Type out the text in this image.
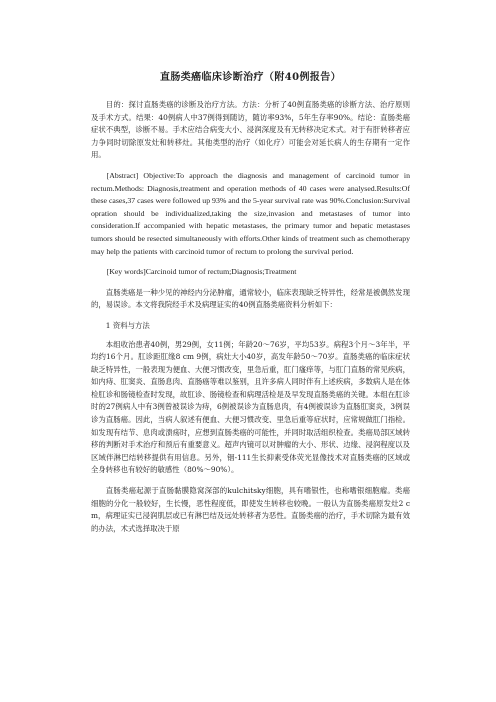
直肠类癌临床诊断治疗（附40例报告）

目的：探讨直肠类癌的诊断及治疗方法。方法：分析了40例直肠类癌的诊断方法、治疗原则及手术方式。结果：40例病人中37例得到随访，随访率93%，5年生存率90%。结论：直肠类癌症状不典型，诊断不易。手术应结合病变大小、浸润深度及有无转移决定术式。对于有肝转移者应力争同时切除原发灶和转移灶。其他类型的治疗（如化疗）可能会对延长病人的生存期有一定作用。

[Abstract] Objective:To approach the diagnosis and management of carcinoid tumor in rectum.Methods: Diagnosis,treatment and operation methods of 40 cases were analysed.Results:Of these cases,37 cases were followed up 93% and the 5-year survival rate was 90%.Conclusion:Survival opration should be individualized,taking the size,invasion and metastases of tumor into consideration.If accompanied with hepatic metastases, the primary tumor and hepatic metastases tumors should be resected simultaneously with efforts.Other kinds of treatment such as chemotherapy may help the patients with carcinoid tumor of rectum to prolong the survival period.

[Key words]Carcinoid tumor of rectum;Diagnosis;Treatment

直肠类癌是一种少见的神经内分泌肿瘤，通常较小，临床表现缺乏特异性，经常是被偶然发现的，易误诊。本文将我院经手术及病理证实的40例直肠类癌资料分析如下：

1 资料与方法

本组收治患者40例，男29例，女11例；年龄20～76岁，平均53岁。病程3个月～3年半，平均约16个月。肛诊距肛缘8 cm 9例，病灶大小40岁，高发年龄50～70岁。直肠类癌的临床症状缺乏特异性，一般表现为便血、大便习惯改变，里急后重，肛门瘙痒等，与肛门直肠的常见疾病，如内痔、肛窦炎、直肠息肉、直肠癌等难以鉴别，且许多病人同时伴有上述疾病，多数病人是在体检肛诊和肠镜检查时发现，故肛诊、肠镜检查和病理活检是及早发现直肠类癌的关键。本组在肛诊时的27例病人中有3例曾被误诊为痔，6例被误诊为直肠息肉，有4例被误诊为直肠肛窦炎，3例误诊为直肠癌。因此，当病人叙述有便血、大便习惯改变、里急后重等症状时，应常规做肛门指检。如发现有结节、息肉或溃疡时，应想到直肠类癌的可能性，并同时取活组织检查。类癌局部区域转移的判断对手术治疗和预后有重要意义。超声内镜可以对肿瘤的大小、形状、边缘、浸润程度以及区域伴淋巴结转移提供有用信息。另外，铟-111生长抑素受体荧光显像技术对直肠类癌的区域或全身转移也有较好的敏感性（80%～90%）。

直肠类癌起源于直肠黏膜隐窝深部的kulchitsky细胞，具有嗜银性，也称嗜银细胞瘤。类癌细胞的分化一般较好，生长慢，恶性程度低，即使发生转移也较晚。一般认为直肠类癌原发灶2 cm，病理证实已浸润肌层或已有淋巴结及远处转移者为恶性。直肠类癌的治疗，手术切除为最有效的办法，术式选择取决于原
